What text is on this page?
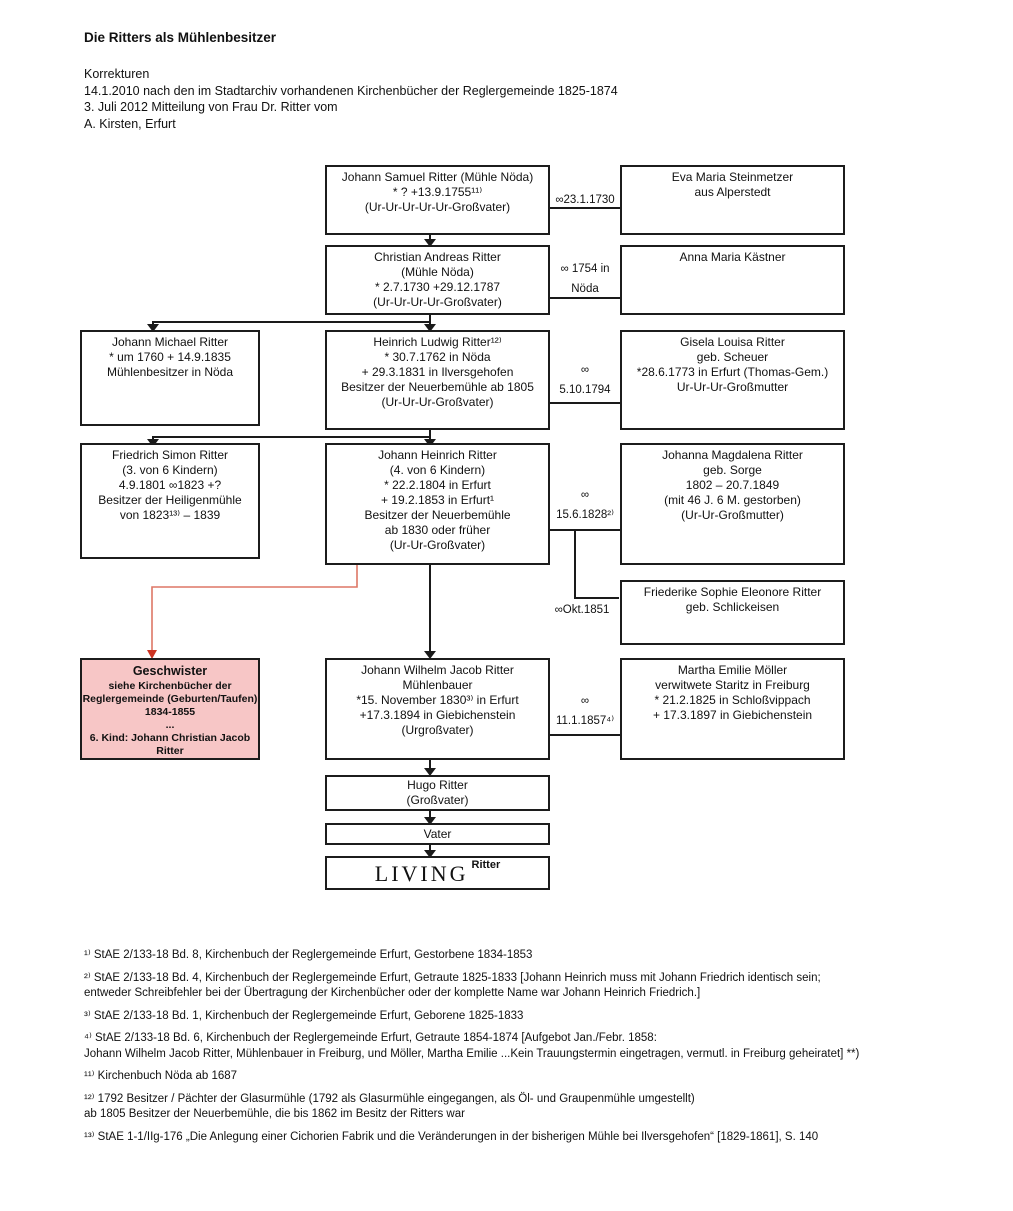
Die Ritters als Mühlenbesitzer
Korrekturen
14.1.2010 nach den im Stadtarchiv vorhandenen Kirchenbücher der Reglergemeinde 1825-1874
3. Juli 2012 Mitteilung von Frau Dr. Ritter vom
A. Kirsten, Erfurt
Johann Samuel Ritter (Mühle Nöda)
* ? +13.9.1755¹¹⁾
(Ur-Ur-Ur-Ur-Ur-Großvater)	∞23.1.1730
Eva Maria Steinmetzer
aus Alperstedt
Christian Andreas Ritter
(Mühle Nöda)
* 2.7.1730 +29.12.1787
(Ur-Ur-Ur-Ur-Großvater)
∞ 1754 in
Nöda
Anna Maria Kästner
Johann Michael Ritter
* um 1760 + 14.9.1835
Mühlenbesitzer in Nöda
Heinrich Ludwig Ritter¹²⁾
* 30.7.1762 in Nöda
+ 29.3.1831 in Ilversgehofen
Besitzer der Neuerbemühle ab 1805
(Ur-Ur-Ur-Großvater)
∞
5.10.1794
Gisela Louisa Ritter
geb. Scheuer
*28.6.1773 in Erfurt (Thomas-Gem.)
Ur-Ur-Ur-Großmutter
Friedrich Simon Ritter
(3. von 6 Kindern)
4.9.1801 ∞1823 +?
Besitzer der Heiligenmühle
von 1823¹³⁾ – 1839
Johann Heinrich Ritter
(4. von 6 Kindern)
* 22.2.1804 in Erfurt
+ 19.2.1853 in Erfurt¹
Besitzer der Neuerbemühle
ab 1830 oder früher
(Ur-Ur-Großvater)
∞
15.6.1828²⁾
Johanna Magdalena Ritter
geb. Sorge
1802 – 20.7.1849
(mit 46 J. 6 M. gestorben)
(Ur-Ur-Großmutter)
∞Okt.1851
Friederike Sophie Eleonore Ritter
geb. Schlickeisen
Geschwister
siehe Kirchenbücher der
Reglergemeinde (Geburten/Taufen)
1834-1855
...
6. Kind: Johann Christian Jacob
Ritter
Johann Wilhelm Jacob Ritter
Mühlenbauer
*15. November 1830³⁾ in Erfurt
+17.3.1894 in Giebichenstein
(Urgroßvater)
∞
11.1.1857⁴⁾
Martha Emilie Möller
verwitwete Staritz in Freiburg
* 21.2.1825 in Schloßvippach
+ 17.3.1897 in Giebichenstein
Hugo Ritter
(Großvater)
Vater
LIVING Ritter
¹⁾ StAE 2/133-18 Bd. 8, Kirchenbuch der Reglergemeinde Erfurt, Gestorbene 1834-1853
²⁾ StAE 2/133-18 Bd. 4, Kirchenbuch der Reglergemeinde Erfurt, Getraute 1825-1833 [Johann Heinrich muss mit Johann Friedrich identisch sein;
entweder Schreibfehler bei der Übertragung der Kirchenbücher oder der komplette Name war Johann Heinrich Friedrich.]
³⁾ StAE 2/133-18 Bd. 1, Kirchenbuch der Reglergemeinde Erfurt, Geborene 1825-1833
⁴⁾ StAE 2/133-18 Bd. 6, Kirchenbuch der Reglergemeinde Erfurt, Getraute 1854-1874 [Aufgebot Jan./Febr. 1858:
Johann Wilhelm Jacob Ritter, Mühlenbauer in Freiburg, und Möller, Martha Emilie ...Kein Trauungstermin eingetragen, vermutl. in Freiburg geheiratet] **)
¹¹⁾ Kirchenbuch Nöda ab 1687
¹²⁾ 1792 Besitzer / Pächter der Glasurmühle (1792 als Glasurmühle eingegangen, als Öl- und Graupenmühle umgestellt)
ab 1805 Besitzer der Neuerbemühle, die bis 1862 im Besitz der Ritters war
¹³⁾ StAE 1-1/IIg-176 „Die Anlegung einer Cichorien Fabrik und die Veränderungen in der bisherigen Mühle bei Ilversgehofen“ [1829-1861], S. 140
